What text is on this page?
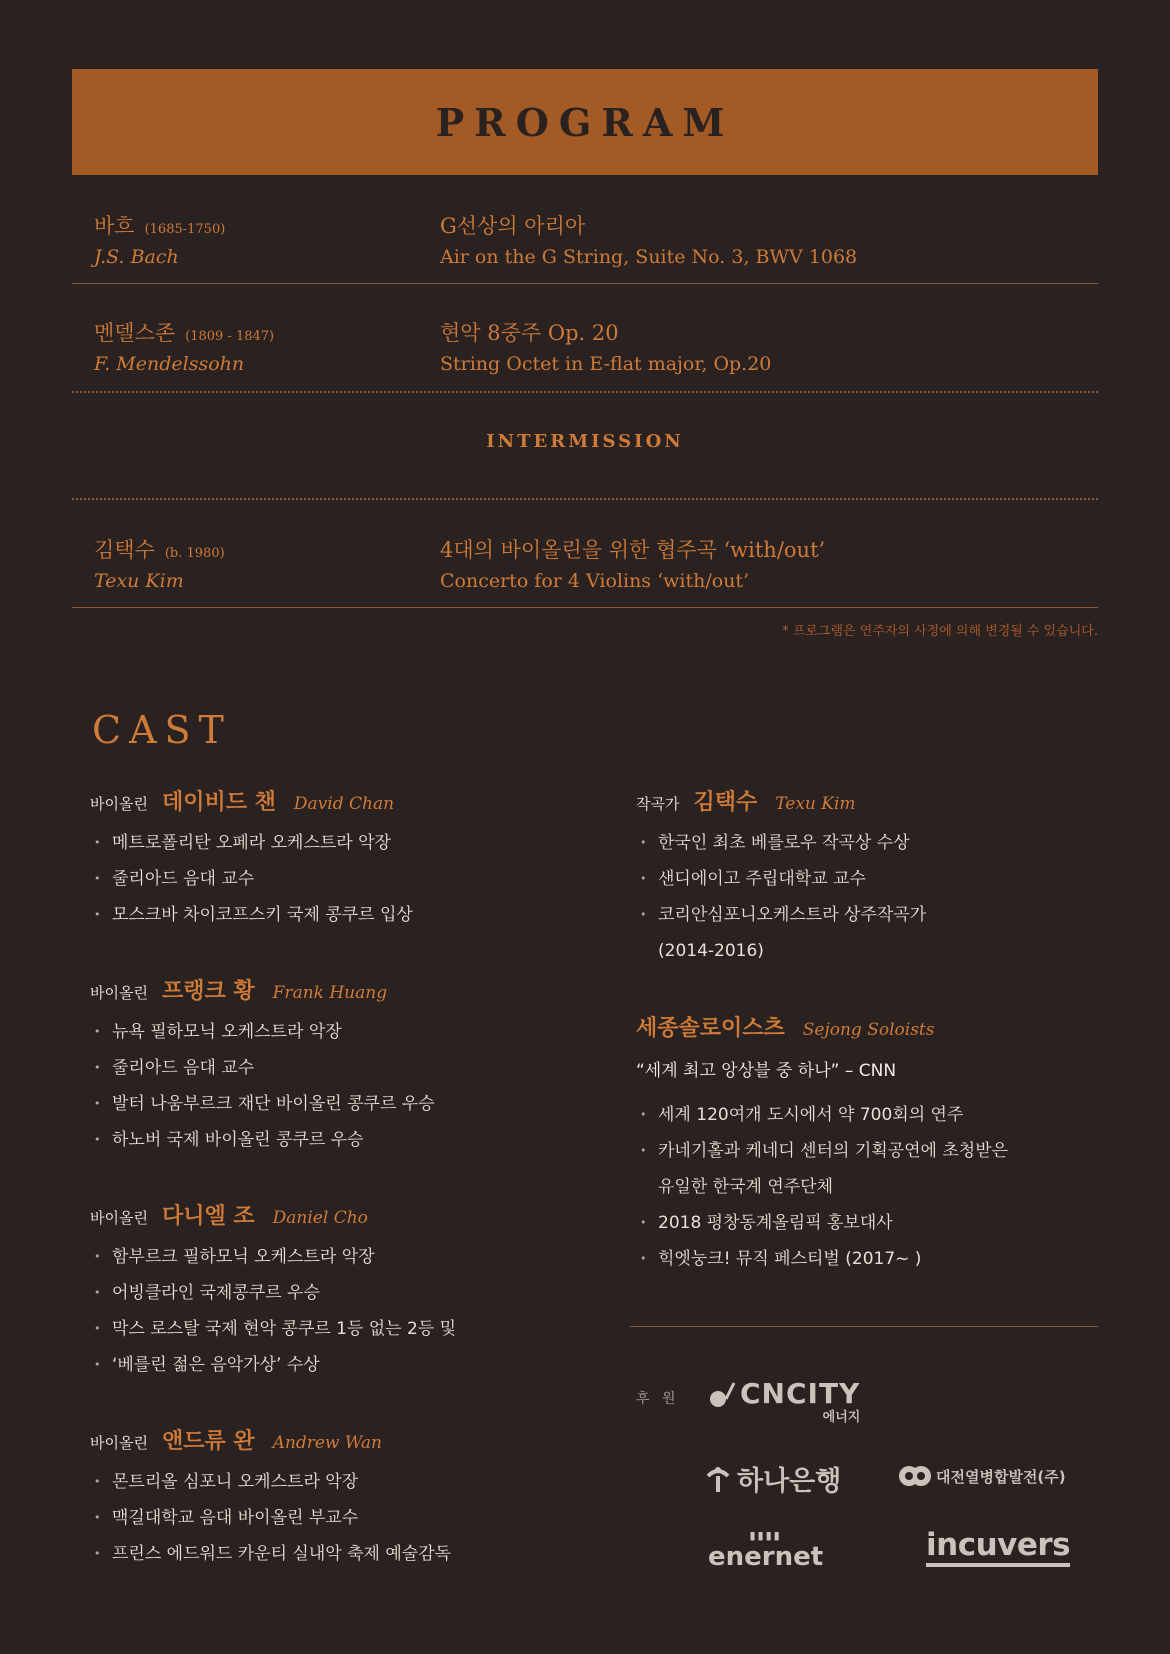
PROGRAM
바흐 (1685-1750)
J.S. Bach
G선상의 아리아
Air on the G String, Suite No. 3, BWV 1068
멘델스존 (1809 - 1847)
F. Mendelssohn
현악 8중주 Op. 20
String Octet in E-flat major, Op.20
INTERMISSION
김택수 (b. 1980)
Texu Kim
4대의 바이올린을 위한 협주곡 ‘with/out’
Concerto for 4 Violins ‘with/out’
* 프로그램은 연주자의 사정에 의해 변경될 수 있습니다.
CAST
바이올린 데이비드 챈 David Chan
• 메트로폴리탄 오페라 오케스트라 악장
• 줄리아드 음대 교수
• 모스크바 차이코프스키 국제 콩쿠르 입상
바이올린 프랭크 황 Frank Huang
• 뉴욕 필하모닉 오케스트라 악장
• 줄리아드 음대 교수
• 발터 나움부르크 재단 바이올린 콩쿠르 우승
• 하노버 국제 바이올린 콩쿠르 우승
바이올린 다니엘 조 Daniel Cho
• 함부르크 필하모닉 오케스트라 악장
• 어빙클라인 국제콩쿠르 우승
• 막스 로스탈 국제 현악 콩쿠르 1등 없는 2등 및
• ‘베를린 젊은 음악가상’ 수상
바이올린 앤드류 완 Andrew Wan
• 몬트리올 심포니 오케스트라 악장
• 맥길대학교 음대 바이올린 부교수
• 프린스 에드워드 카운티 실내악 축제 예술감독
작곡가 김택수 Texu Kim
• 한국인 최초 베를로우 작곡상 수상
• 샌디에이고 주립대학교 교수
• 코리안심포니오케스트라 상주작곡가
(2014-2016)
세종솔로이스츠 Sejong Soloists
“세계 최고 앙상블 중 하나” – CNN
• 세계 120여개 도시에서 약 700회의 연주
• 카네기홀과 케네디 센터의 기획공연에 초청받은
유일한 한국계 연주단체
• 2018 평창동계올림픽 홍보대사
• 힉엣눙크! 뮤직 페스티벌 (2017~ )
후 원 CNCITY
에너지
하나은행	대전열병합발전(주)
▮▮▮▮
enernet	incuvers
